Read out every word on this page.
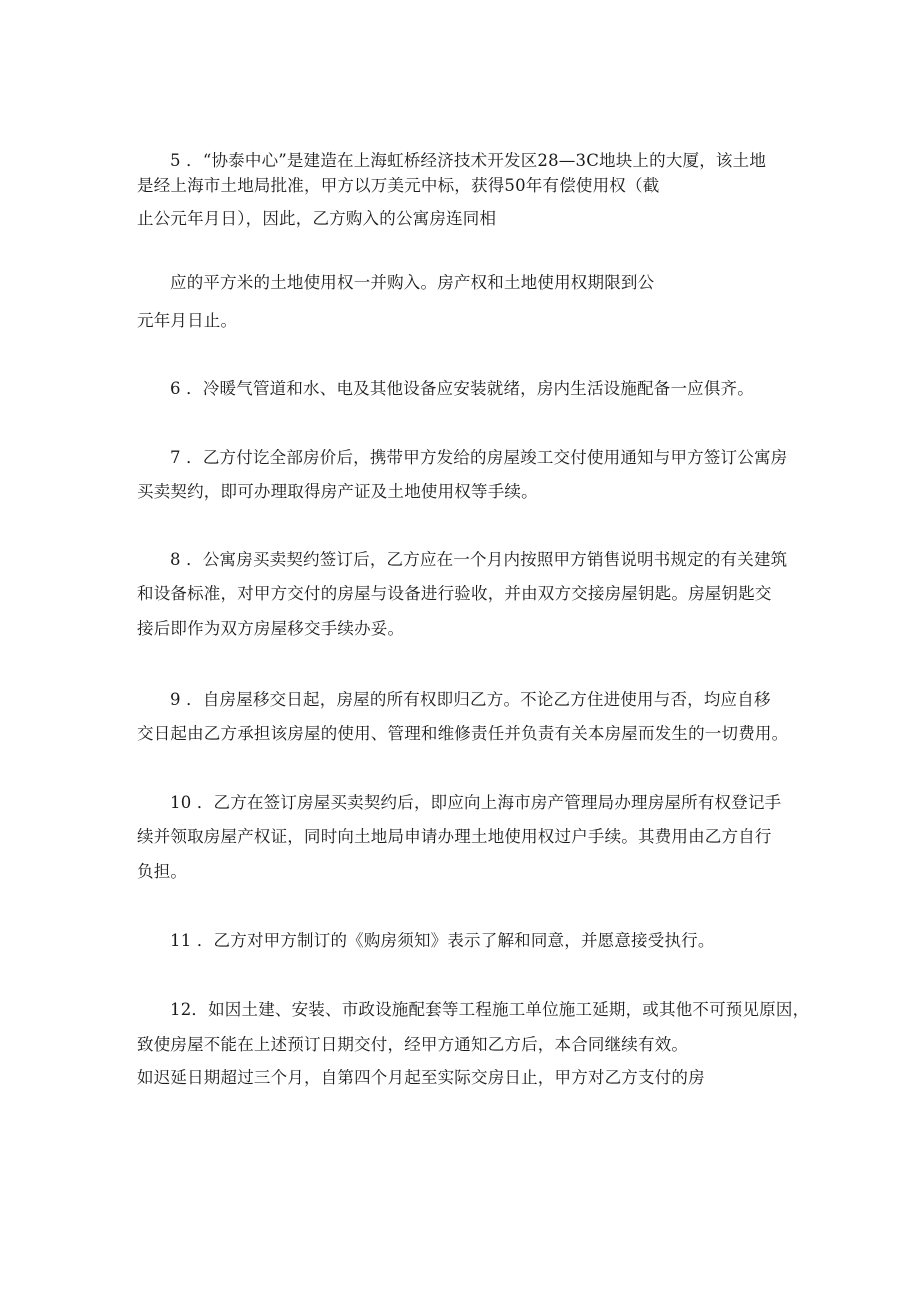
5 ．“协泰中心”是建造在上海虹桥经济技术开发区28—3C地块上的大厦，该土地
是经上海市土地局批准，甲方以万美元中标，获得50年有偿使用权（截
止公元年月日），因此，乙方购入的公寓房连同相
应的平方米的土地使用权一并购入。房产权和土地使用权期限到公
元年月日止。
6 ．冷暖气管道和水、电及其他设备应安装就绪，房内生活设施配备一应俱齐。
7 ．乙方付讫全部房价后，携带甲方发给的房屋竣工交付使用通知与甲方签订公寓房
买卖契约，即可办理取得房产证及土地使用权等手续。
8 ．公寓房买卖契约签订后，乙方应在一个月内按照甲方销售说明书规定的有关建筑
和设备标准，对甲方交付的房屋与设备进行验收，并由双方交接房屋钥匙。房屋钥匙交
接后即作为双方房屋移交手续办妥。
9 ．自房屋移交日起，房屋的所有权即归乙方。不论乙方住进使用与否，均应自移
交日起由乙方承担该房屋的使用、管理和维修责任并负责有关本房屋而发生的一切费用。
10 ．乙方在签订房屋买卖契约后，即应向上海市房产管理局办理房屋所有权登记手
续并领取房屋产权证，同时向土地局申请办理土地使用权过户手续。其费用由乙方自行
负担。
11 ．乙方对甲方制订的《购房须知》表示了解和同意，并愿意接受执行。
12．如因土建、安装、市政设施配套等工程施工单位施工延期，或其他不可预见原因，
致使房屋不能在上述预订日期交付，经甲方通知乙方后，本合同继续有效。
如迟延日期超过三个月，自第四个月起至实际交房日止，甲方对乙方支付的房
